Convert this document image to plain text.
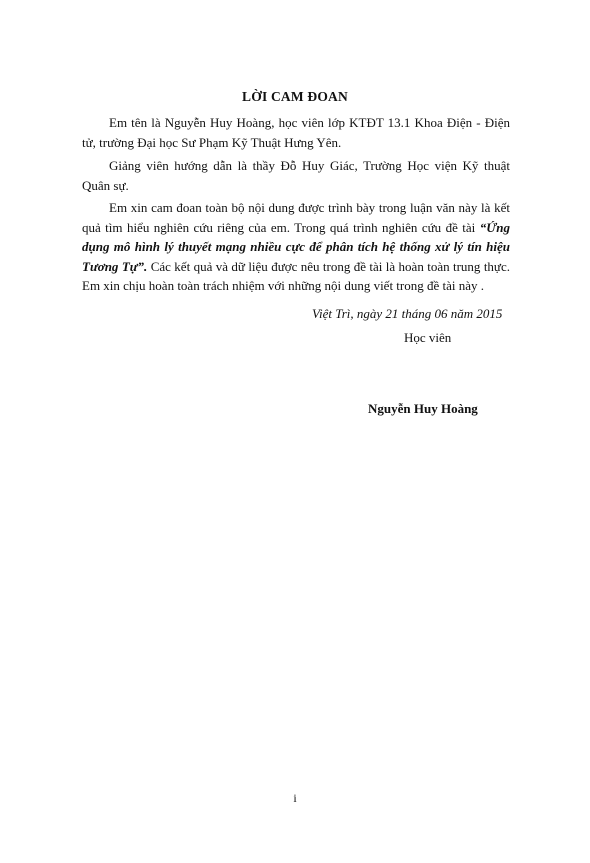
LỜI CAM ĐOAN

Em tên là Nguyễn Huy Hoàng, học viên lớp KTĐT 13.1 Khoa Điện - Điện tử, trường Đại học Sư Phạm Kỹ Thuật Hưng Yên.

Giảng viên hướng dẫn là thầy Đỗ Huy Giác, Trường Học viện Kỹ thuật Quân sự.

Em xin cam đoan toàn bộ nội dung được trình bày trong luận văn này là kết quả tìm hiểu nghiên cứu riêng của em. Trong quá trình nghiên cứu đề tài “Ứng dụng mô hình lý thuyết mạng nhiều cực để phân tích hệ thống xử lý tín hiệu Tương Tự”. Các kết quả và dữ liệu được nêu trong đề tài là hoàn toàn trung thực. Em xin chịu hoàn toàn trách nhiệm với những nội dung viết trong đề tài này .

Việt Trì, ngày 21 tháng 06 năm 2015
Học viên
Nguyễn Huy Hoàng
i
